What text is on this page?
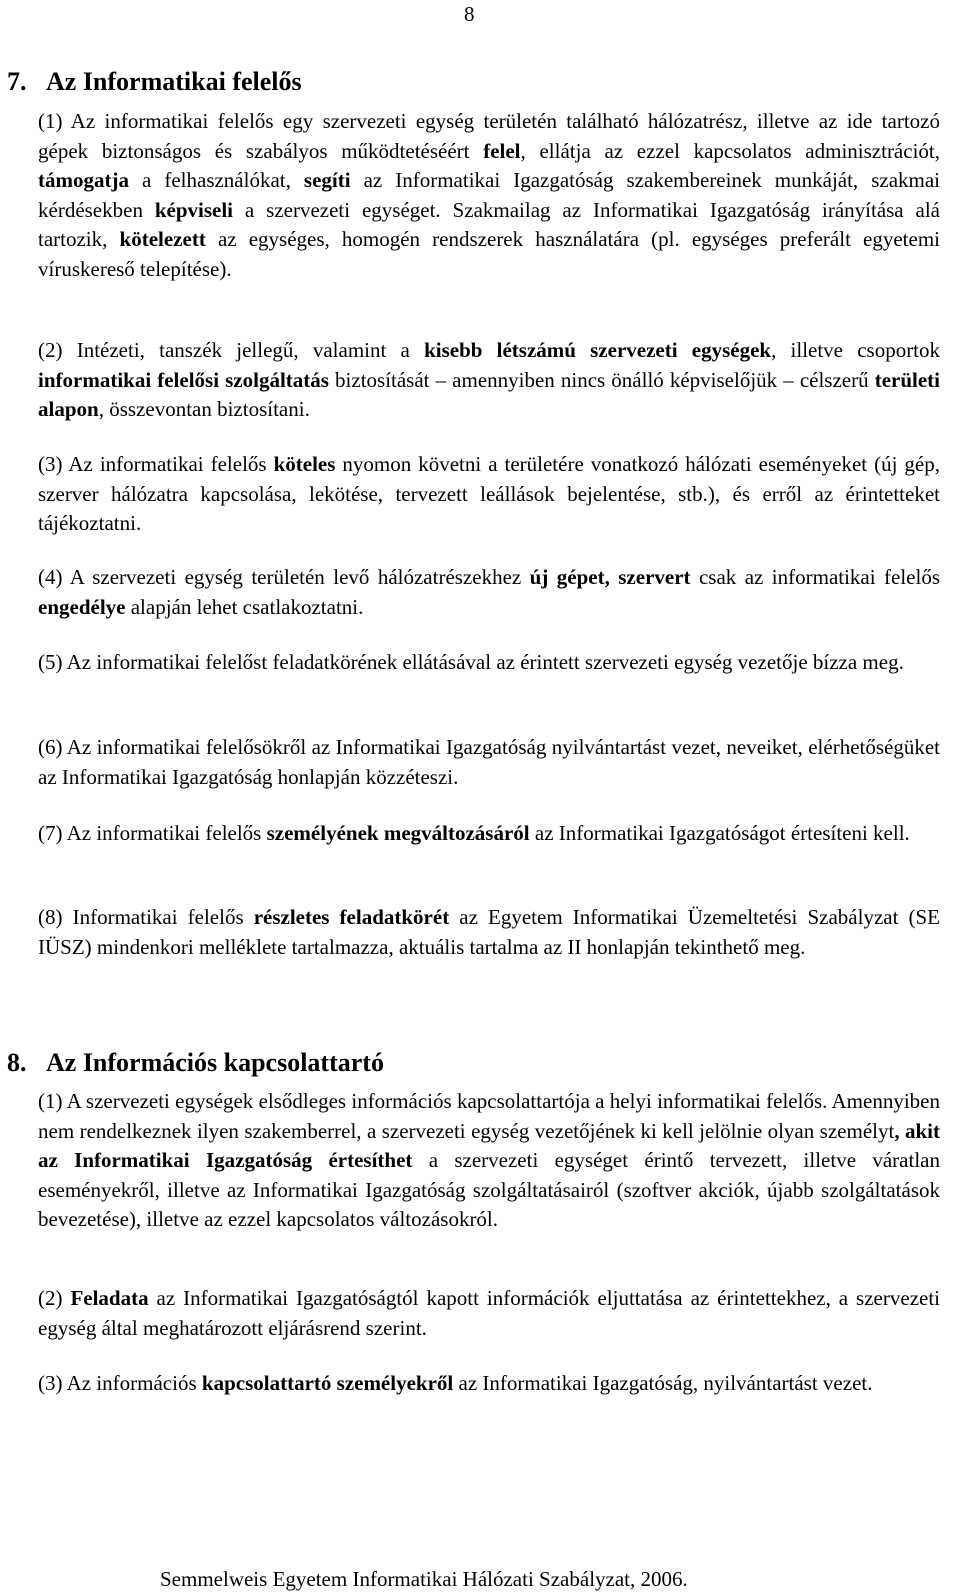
8
7. Az Informatikai felelős
(1) Az informatikai felelős egy szervezeti egység területén található hálózatrész, illetve az ide tartozó gépek biztonságos és szabályos működtetéséért felel, ellátja az ezzel kapcsolatos adminisztrációt, támogatja a felhasználókat, segíti az Informatikai Igazgatóság szakembereinek munkáját, szakmai kérdésekben képviseli a szervezeti egységet. Szakmailag az Informatikai Igazgatóság irányítása alá tartozik, kötelezett az egységes, homogén rendszerek használatára (pl. egységes preferált egyetemi víruskereső telepítése).
(2) Intézeti, tanszék jellegű, valamint a kisebb létszámú szervezeti egységek, illetve csoportok informatikai felelősi szolgáltatás biztosítását – amennyiben nincs önálló képviselőjük – célszerű területi alapon, összevontan biztosítani.
(3) Az informatikai felelős köteles nyomon követni a területére vonatkozó hálózati eseményeket (új gép, szerver hálózatra kapcsolása, lekötése, tervezett leállások bejelentése, stb.), és erről az érintetteket tájékoztatni.
(4) A szervezeti egység területén levő hálózatrészekhez új gépet, szervert csak az informatikai felelős engedélye alapján lehet csatlakoztatni.
(5) Az informatikai felelőst feladatkörének ellátásával az érintett szervezeti egység vezetője bízza meg.
(6) Az informatikai felelősökről az Informatikai Igazgatóság nyilvántartást vezet, neveiket, elérhetőségüket az Informatikai Igazgatóság honlapján közzéteszi.
(7) Az informatikai felelős személyének megváltozásáról az Informatikai Igazgatóságot értesíteni kell.
(8) Informatikai felelős részletes feladatkörét az Egyetem Informatikai Üzemeltetési Szabályzat (SE IÜSZ) mindenkori melléklete tartalmazza, aktuális tartalma az II honlapján tekinthető meg.
8. Az Információs kapcsolattartó
(1) A szervezeti egységek elsődleges információs kapcsolattartója a helyi informatikai felelős. Amennyiben nem rendelkeznek ilyen szakemberrel, a szervezeti egység vezetőjének ki kell jelölnie olyan személyt, akit az Informatikai Igazgatóság értesíthet a szervezeti egységet érintő tervezett, illetve váratlan eseményekről, illetve az Informatikai Igazgatóság szolgáltatásairól (szoftver akciók, újabb szolgáltatások bevezetése), illetve az ezzel kapcsolatos változásokról.
(2) Feladata az Informatikai Igazgatóságtól kapott információk eljuttatása az érintettekhez, a szervezeti egység által meghatározott eljárásrend szerint.
(3) Az információs kapcsolattartó személyekről az Informatikai Igazgatóság, nyilvántartást vezet.
Semmelweis Egyetem Informatikai Hálózati Szabályzat, 2006.
